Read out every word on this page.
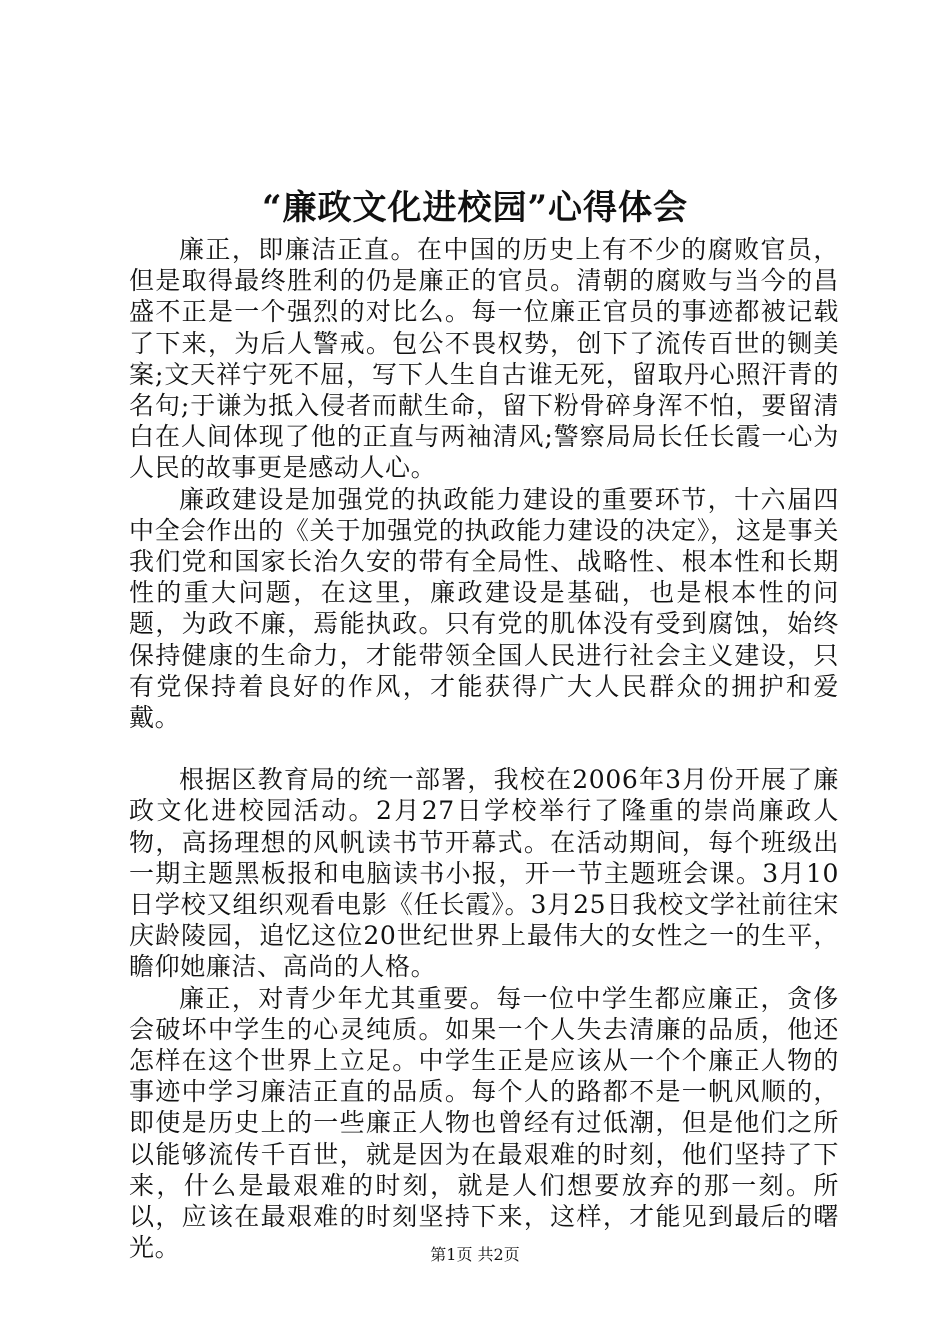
“廉政文化进校园”心得体会

廉正，即廉洁正直。在中国的历史上有不少的腐败官员，但是取得最终胜利的仍是廉正的官员。清朝的腐败与当今的昌盛不正是一个强烈的对比么。每一位廉正官员的事迹都被记载了下来，为后人警戒。包公不畏权势，创下了流传百世的铡美案;文天祥宁死不屈，写下人生自古谁无死，留取丹心照汗青的名句;于谦为抵入侵者而献生命，留下粉骨碎身浑不怕，要留清白在人间体现了他的正直与两袖清风;警察局局长任长霞一心为人民的故事更是感动人心。

廉政建设是加强党的执政能力建设的重要环节，十六届四中全会作出的《关于加强党的执政能力建设的决定》，这是事关我们党和国家长治久安的带有全局性、战略性、根本性和长期性的重大问题，在这里，廉政建设是基础，也是根本性的问题，为政不廉，焉能执政。只有党的肌体没有受到腐蚀，始终保持健康的生命力，才能带领全国人民进行社会主义建设，只有党保持着良好的作风，才能获得广大人民群众的拥护和爱戴。

根据区教育局的统一部署，我校在2006年3月份开展了廉政文化进校园活动。2月27日学校举行了隆重的崇尚廉政人物，高扬理想的风帆读书节开幕式。在活动期间，每个班级出一期主题黑板报和电脑读书小报，开一节主题班会课。3月10日学校又组织观看电影《任长霞》。3月25日我校文学社前往宋庆龄陵园，追忆这位20世纪世界上最伟大的女性之一的生平，瞻仰她廉洁、高尚的人格。

廉正，对青少年尤其重要。每一位中学生都应廉正，贪侈会破坏中学生的心灵纯质。如果一个人失去清廉的品质，他还怎样在这个世界上立足。中学生正是应该从一个个廉正人物的事迹中学习廉洁正直的品质。每个人的路都不是一帆风顺的，即使是历史上的一些廉正人物也曾经有过低潮，但是他们之所以能够流传千百世，就是因为在最艰难的时刻，他们坚持了下来，什么是最艰难的时刻，就是人们想要放弃的那一刻。所以，应该在最艰难的时刻坚持下来，这样，才能见到最后的曙光。	第1页 共2页
